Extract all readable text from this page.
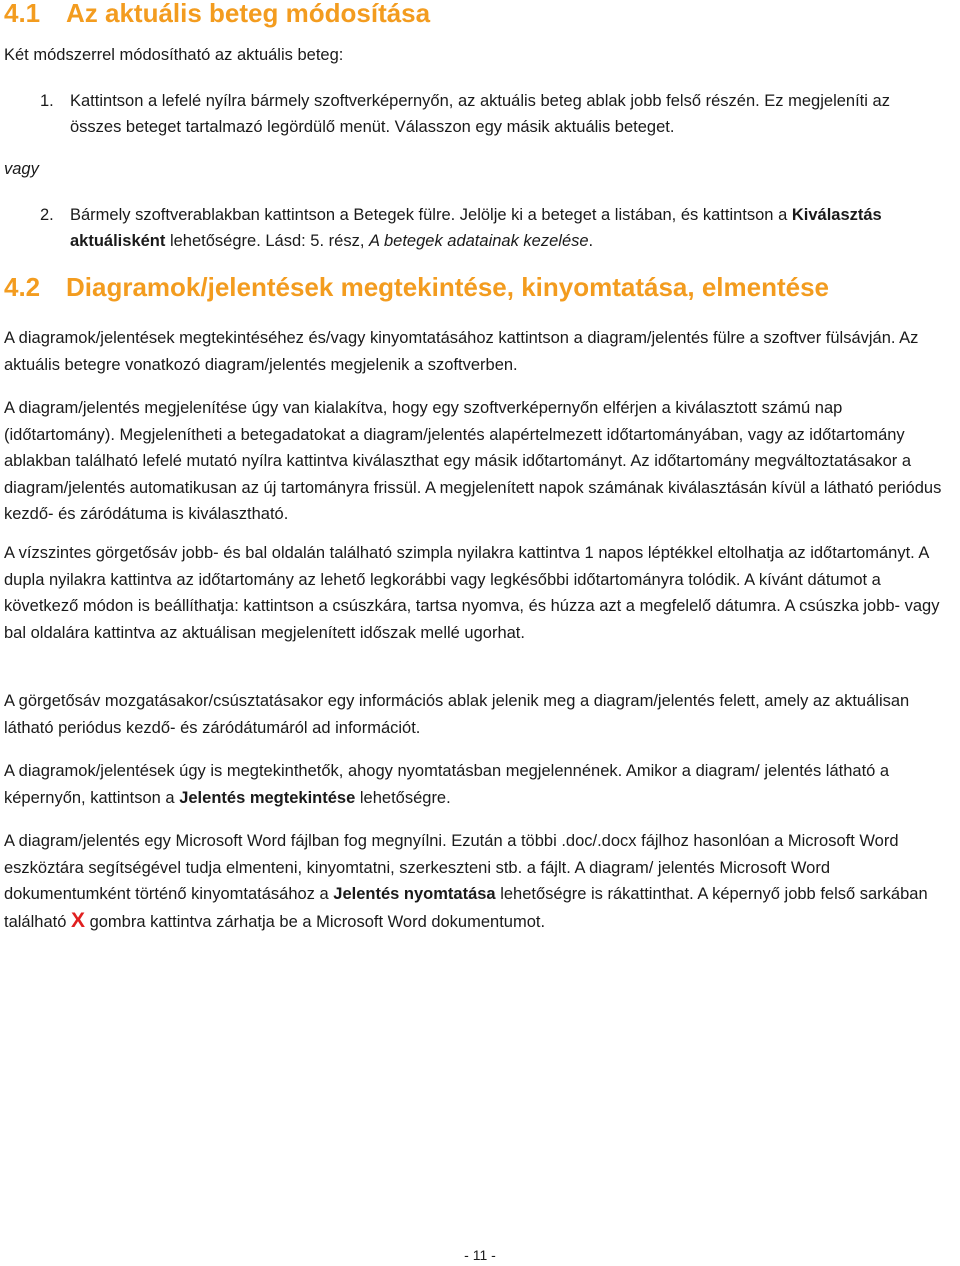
4.1 Az aktuális beteg módosítása

Két módszerrel módosítható az aktuális beteg:

1. Kattintson a lefelé nyílra bármely szoftverképernyőn, az aktuális beteg ablak jobb felső részén. Ez megjeleníti az összes beteget tartalmazó legördülő menüt. Válasszon egy másik aktuális beteget.

vagy

2. Bármely szoftverablakban kattintson a Betegek fülre. Jelölje ki a beteget a listában, és kattintson a Kiválasztás aktuálisként lehetőségre. Lásd: 5. rész, A betegek adatainak kezelése.
4.2 Diagramok/jelentések megtekintése, kinyomtatása, elmentése

A diagramok/jelentések megtekintéséhez és/vagy kinyomtatásához kattintson a diagram/jelentés fülre a szoftver fülsávján. Az aktuális betegre vonatkozó diagram/jelentés megjelenik a szoftverben.

A diagram/jelentés megjelenítése úgy van kialakítva, hogy egy szoftverképernyőn elférjen a kiválasztott számú nap (időtartomány). Megjelenítheti a betegadatokat a diagram/jelentés alapértelmezett időtartományában, vagy az időtartomány ablakban található lefelé mutató nyílra kattintva kiválaszthat egy másik időtartományt. Az időtartomány megváltoztatásakor a diagram/jelentés automatikusan az új tartományra frissül. A megjelenített napok számának kiválasztásán kívül a látható periódus kezdő- és záródátuma is kiválasztható.

A vízszintes görgetősáv jobb- és bal oldalán található szimpla nyilakra kattintva 1 napos léptékkel eltolhatja az időtartományt. A dupla nyilakra kattintva az időtartomány az lehető legkorábbi vagy legkésőbbi időtartományra tolódik. A kívánt dátumot a következő módon is beállíthatja: kattintson a csúszkára, tartsa nyomva, és húzza azt a megfelelő dátumra. A csúszka jobb- vagy bal oldalára kattintva az aktuálisan megjelenített időszak mellé ugorhat.

A görgetősáv mozgatásakor/csúsztatásakor egy információs ablak jelenik meg a diagram/jelentés felett, amely az aktuálisan látható periódus kezdő- és záródátumáról ad információt.

A diagramok/jelentések úgy is megtekinthetők, ahogy nyomtatásban megjelennének. Amikor a diagram/ jelentés látható a képernyőn, kattintson a Jelentés megtekintése lehetőségre.

A diagram/jelentés egy Microsoft Word fájlban fog megnyílni. Ezután a többi .doc/.docx fájlhoz hasonlóan a Microsoft Word eszköztára segítségével tudja elmenteni, kinyomtatni, szerkeszteni stb. a fájlt. A diagram/ jelentés Microsoft Word dokumentumként történő kinyomtatásához a Jelentés nyomtatása lehetőségre is rákattinthat. A képernyő jobb felső sarkában található X gombra kattintva zárhatja be a Microsoft Word dokumentumot.

- 11 -
